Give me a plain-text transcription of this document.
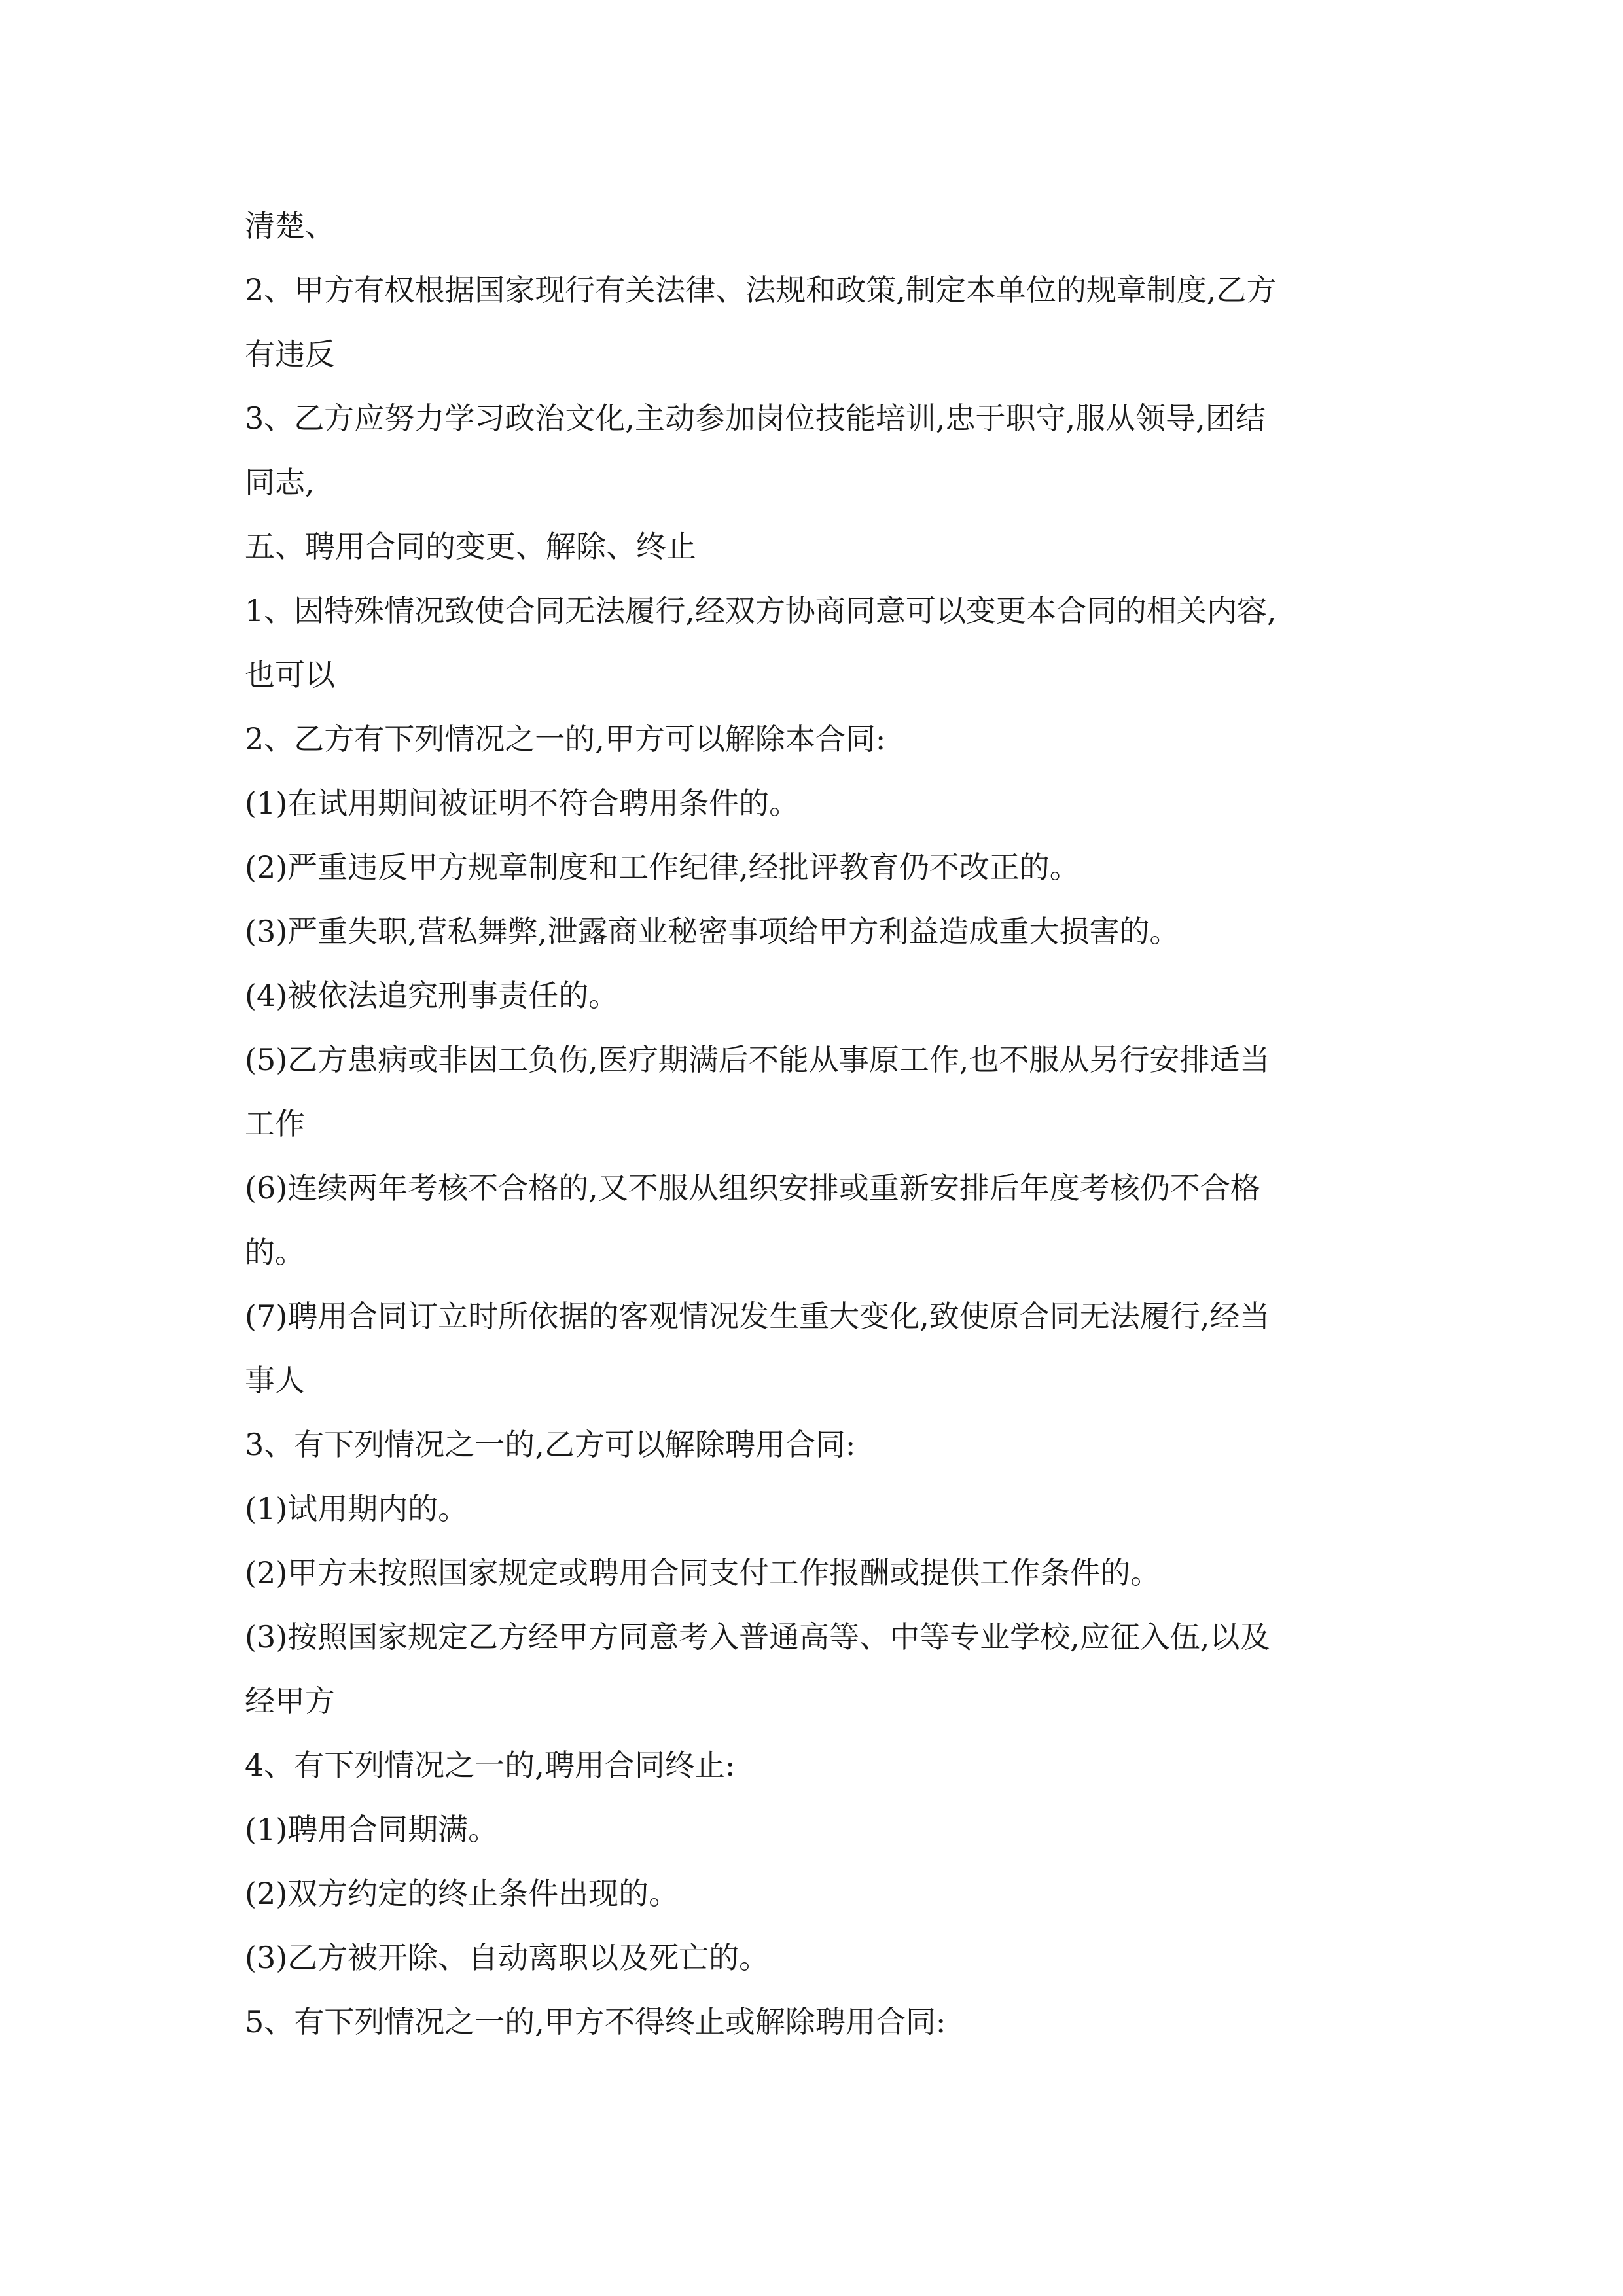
清楚、
2、甲方有权根据国家现行有关法律、法规和政策,制定本单位的规章制度,乙方
有违反
3、乙方应努力学习政治文化,主动参加岗位技能培训,忠于职守,服从领导,团结
同志,
五、聘用合同的变更、解除、终止
1、因特殊情况致使合同无法履行,经双方协商同意可以变更本合同的相关内容,
也可以
2、乙方有下列情况之一的,甲方可以解除本合同:
(1)在试用期间被证明不符合聘用条件的。
(2)严重违反甲方规章制度和工作纪律,经批评教育仍不改正的。
(3)严重失职,营私舞弊,泄露商业秘密事项给甲方利益造成重大损害的。
(4)被依法追究刑事责任的。
(5)乙方患病或非因工负伤,医疗期满后不能从事原工作,也不服从另行安排适当
工作
(6)连续两年考核不合格的,又不服从组织安排或重新安排后年度考核仍不合格
的。
(7)聘用合同订立时所依据的客观情况发生重大变化,致使原合同无法履行,经当
事人
3、有下列情况之一的,乙方可以解除聘用合同:
(1)试用期内的。
(2)甲方未按照国家规定或聘用合同支付工作报酬或提供工作条件的。
(3)按照国家规定乙方经甲方同意考入普通高等、中等专业学校,应征入伍,以及
经甲方
4、有下列情况之一的,聘用合同终止:
(1)聘用合同期满。
(2)双方约定的终止条件出现的。
(3)乙方被开除、自动离职以及死亡的。
5、有下列情况之一的,甲方不得终止或解除聘用合同:
